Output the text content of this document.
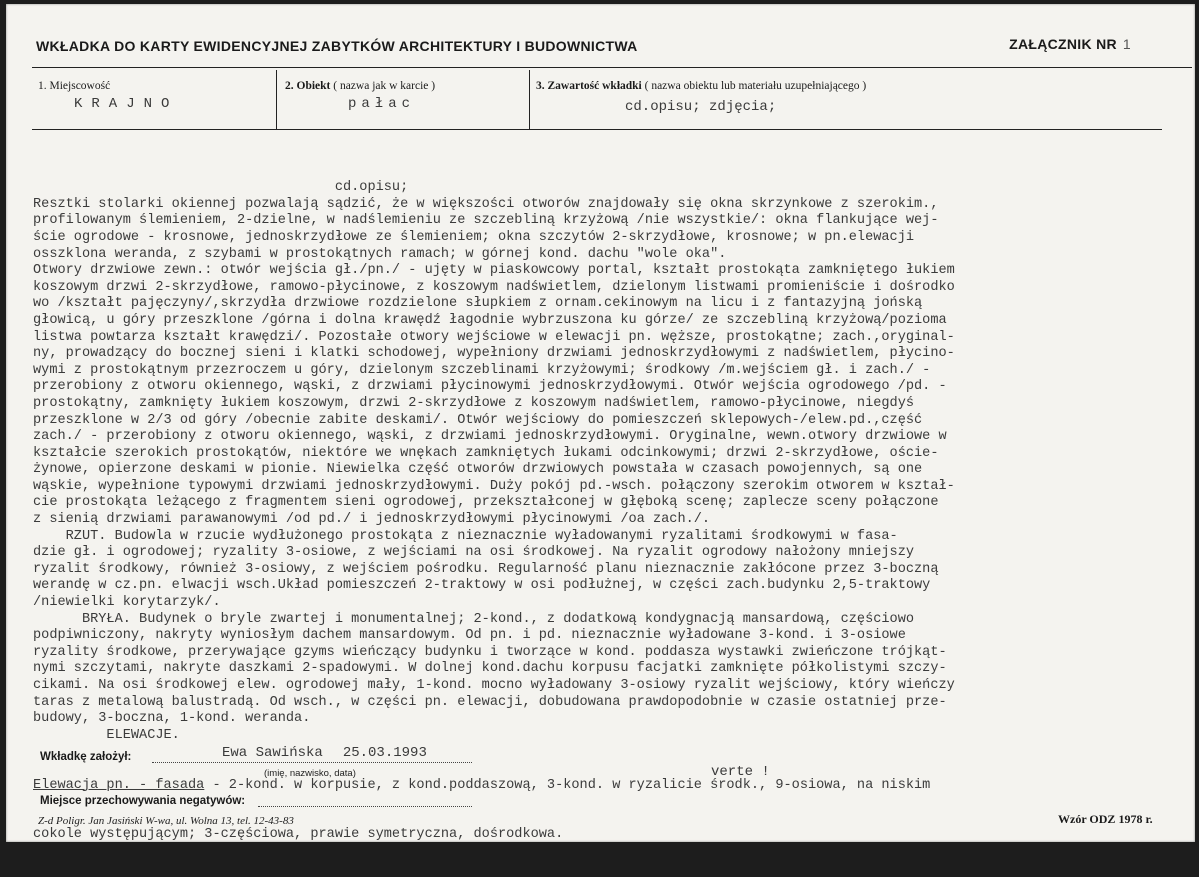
WKŁADKA DO KARTY EWIDENCYJNEJ ZABYTKÓW ARCHITEKTURY I BUDOWNICTWA	ZAŁĄCZNIK NR 1
1. Miejscowość	2. Obiekt ( nazwa jak w karcie )	3. Zawartość wkładki ( nazwa obiektu lub materiału uzupełniającego )
KRAJNO	pałac	cd.opisu; zdjęcia;

cd.opisu;
Resztki stolarki okiennej pozwalają sądzić, że w większości otworów znajdowały się okna skrzynkowe z szerokim.,
profilowanym ślemieniem, 2-dzielne, w nadślemieniu ze szczebliną krzyżową /nie wszystkie/: okna flankujące wej-
ście ogrodowe - krosnowe, jednoskrzydłowe ze ślemieniem; okna szczytów 2-skrzydłowe, krosnowe; w pn.elewacji
osszklona weranda, z szybami w prostokątnych ramach; w górnej kond. dachu "wole oka".
Otwory drzwiowe zewn.: otwór wejścia gł./pn./ - ujęty w piaskowcowy portal, kształt prostokąta zamkniętego łukiem
koszowym drzwi 2-skrzydłowe, ramowo-płycinowe, z koszowym nadświetlem, dzielonym listwami promieniście i dośrodko
wo /kształt pajęczyny/,skrzydła drzwiowe rozdzielone słupkiem z ornam.cekinowym na licu i z fantazyjną jońską
głowicą, u góry przeszklone /górna i dolna krawędź łagodnie wybrzuszona ku górze/ ze szczebliną krzyżową/pozioma
listwa powtarza kształt krawędzi/. Pozostałe otwory wejściowe w elewacji pn. węższe, prostokątne; zach.,oryginal-
ny, prowadzący do bocznej sieni i klatki schodowej, wypełniony drzwiami jednoskrzydłowymi z nadświetlem, płycino-
wymi z prostokątnym przezroczem u góry, dzielonym szczeblinami krzyżowymi; środkowy /m.wejściem gł. i zach./ -
przerobiony z otworu okiennego, wąski, z drzwiami płycinowymi jednoskrzydłowymi. Otwór wejścia ogrodowego /pd. -
prostokątny, zamknięty łukiem koszowym, drzwi 2-skrzydłowe z koszowym nadświetlem, ramowo-płycinowe, niegdyś
przeszklone w 2/3 od góry /obecnie zabite deskami/. Otwór wejściowy do pomieszczeń sklepowych-/elew.pd.,część
zach./ - przerobiony z otworu okiennego, wąski, z drzwiami jednoskrzydłowymi. Oryginalne, wewn.otwory drzwiowe w
kształcie szerokich prostokątów, niektóre we wnękach zamkniętych łukami odcinkowymi; drzwi 2-skrzydłowe, oście-
żynowe, opierzone deskami w pionie. Niewielka część otworów drzwiowych powstała w czasach powojennych, są one
wąskie, wypełnione typowymi drzwiami jednoskrzydłowymi. Duży pokój pd.-wsch. połączony szerokim otworem w kształ-
cie prostokąta leżącego z fragmentem sieni ogrodowej, przekształconej w głęboką scenę; zaplecze sceny połączone
z sienią drzwiami parawanowymi /od pd./ i jednoskrzydłowymi płycinowymi /oa zach./.
RZUT. Budowla w rzucie wydłużonego prostokąta z nieznacznie wyładowanymi ryzalitami środkowymi w fasa-
dzie gł. i ogrodowej; ryzality 3-osiowe, z wejściami na osi środkowej. Na ryzalit ogrodowy nałożony mniejszy
ryzalit środkowy, również 3-osiowy, z wejściem pośrodku. Regularność planu nieznacznie zakłócone przez 3-boczną
werandę w cz.pn. elwacji wsch.Układ pomieszczeń 2-traktowy w osi podłużnej, w części zach.budynku 2,5-traktowy
/niewielki korytarzyk/.
BRYŁA. Budynek o bryle zwartej i monumentalnej; 2-kond., z dodatkową kondygnacją mansardową, częściowo
podpiwniczony, nakryty wyniosłym dachem mansardowym. Od pn. i pd. nieznacznie wyładowane 3-kond. i 3-osiowe
ryzality środkowe, przerywające gzyms wieńczący budynku i tworzące w kond. poddasza wystawki zwieńczone trójkąt-
nymi szczytami, nakryte daszkami 2-spadowymi. W dolnej kond.dachu korpusu facjatki zamknięte półkolistymi szczy-
cikami. Na osi środkowej elew. ogrodowej mały, 1-kond. mocno wyładowany 3-osiowy ryzalit wejściowy, który wieńczy
taras z metalową balustradą. Od wsch., w części pn. elewacji, dobudowana prawdopodobnie w czasie ostatniej prze-
budowy, 3-boczna, 1-kond. weranda.
ELEWACJE.

Elewacja pn. - fasada - 2-kond. w korpusie, z kond.poddaszową, 3-kond. w ryzalicie środk., 9-osiowa, na niskim

cokole występującym; 3-częściowa, prawie symetryczna, dośrodkowa.

Wkładkę założył:	Ewa Sawińska 25.03.1993
(imię, nazwisko, data)	verte !
Miejsce przechowywania negatywów:
Z-d Poligr. Jan Jasiński W-wa, ul. Wolna 13, tel. 12-43-83	Wzór ODZ 1978 r.
